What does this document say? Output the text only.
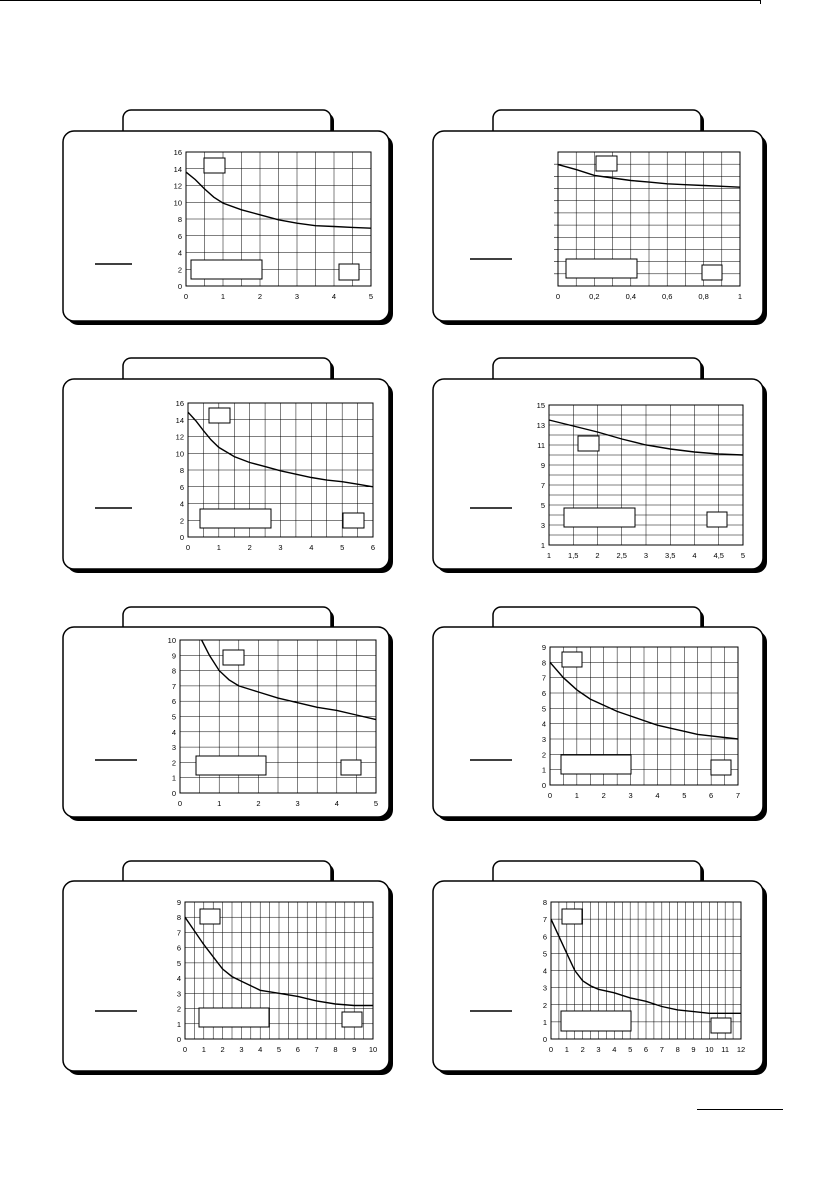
0	1	2	3	4	5
0
2
4
6
8
10
12
14
16
0	0,2	0,4	0,6	0,8	1
0	1	2	3	4	5	6
0
2
4
6
8
10
12
14
16
1 1,5 2 2,5 3 3,5 4 4,5 5
1
3
5
7
9
11
13
15
0	1	2	3	4	5
0
1
2
3
4
5
6
7
8
9
10
0	1	2	3	4	5	6	7
0
1
2
3
4
5
6
7
8
9
0 1 2 3 4 5 6 7 8 9 10
0
1
2
3
4
5
6
7
8
9
0 1 2 3 4 5 6 7 8 9 10 11 12
0
1
2
3
4
5
6
7
8
